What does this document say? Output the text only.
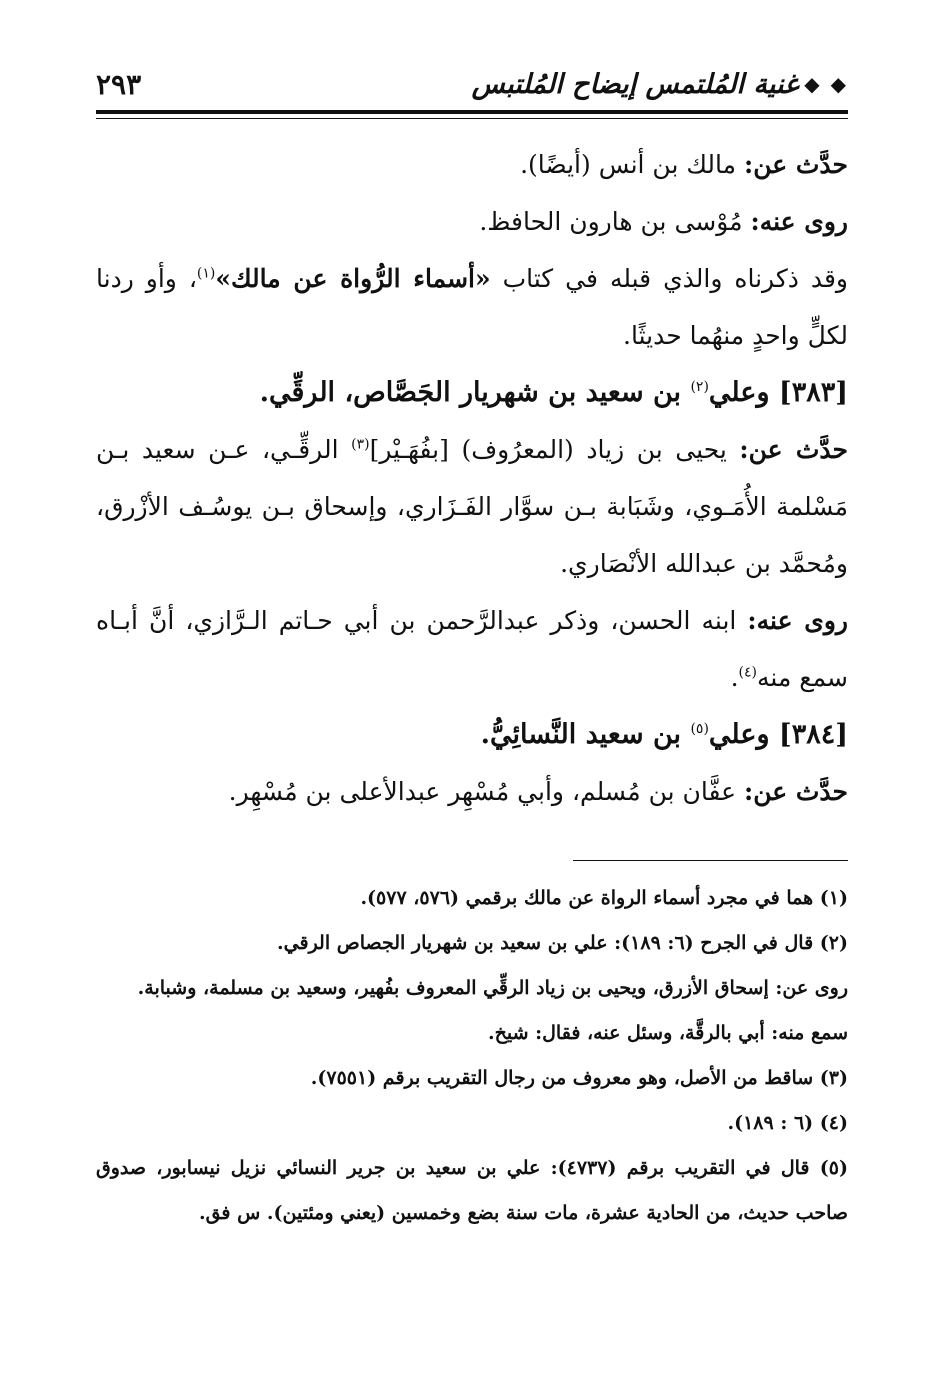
◆ ◆
غنية المُلتمس إيضاح المُلتبس
٢٩٣

حدَّث عن: مالك بن أنس (أيضًا).

روى عنه: مُوْسى بن هارون الحافظ.

وقد ذكرناه والذي قبله في كتاب «أسماء الرُّواة عن مالك»$^{(١)}$، وأو ردنا لكلٍّ واحدٍ منهُما حديثًا.

[٣٨٣] وعلي$^{(٢)}$ بن سعيد بن شهريار الجَصَّاص، الرقِّي.

حدَّث عن: يحيى بن زياد (المعرُوف) [بفُهَـيْر]$^{(٣)}$ الرقِّـي، عـن سعيد بـن مَسْلمة الأُمَـوي، وشَبَابة بـن سوَّار الفَـزَاري، وإسحاق بـن يوسُـف الأزْرق، ومُحمَّد بن عبدالله الأنْصَاري.

روى عنه: ابنه الحسن، وذكر عبدالرَّحمن بن أبي حـاتم الـرَّازي، أنَّ أبـاه سمع منه$^{(٤)}$.

[٣٨٤] وعلي$^{(٥)}$ بن سعيد النَّسائِيُّ.

حدَّث عن: عفَّان بن مُسلم، وأبي مُسْهِر عبدالأعلى بن مُسْهِر.

(١) هما في مجرد أسماء الرواة عن مالك برقمي (٥٧٦، ٥٧٧).

(٢) قال في الجرح (٦: ١٨٩): علي بن سعيد بن شهريار الجصاص الرقي.

روى عن: إسحاق الأزرق، ويحيى بن زياد الرقِّي المعروف بفُهير، وسعيد بن مسلمة، وشبابة.

سمع منه: أبي بالرقَّة، وسئل عنه، فقال: شيخ.

(٣) ساقط من الأصل، وهو معروف من رجال التقريب برقم (٧٥٥١).

(٤) (٦ : ١٨٩).

(٥) قال في التقريب برقم (٤٧٣٧): علي بن سعيد بن جرير النسائي نزيل نيسابور، صدوق صاحب حديث، من الحادية عشرة، مات سنة بضع وخمسين (يعني ومئتين). س فق.
